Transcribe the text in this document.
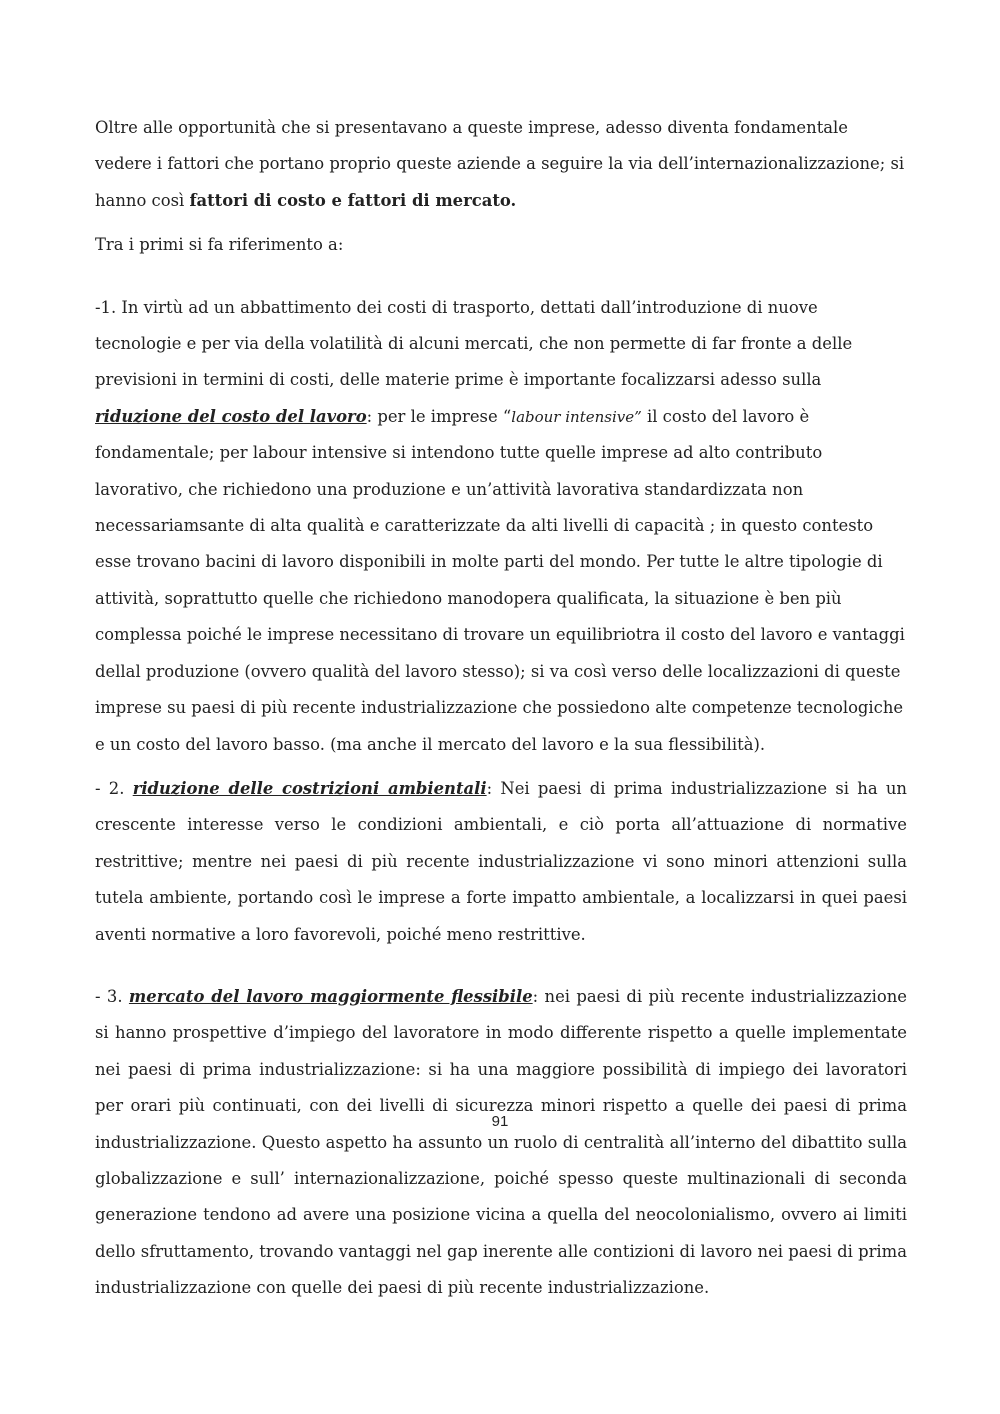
Oltre alle opportunità che si presentavano a queste imprese, adesso diventa fondamentale vedere i fattori che portano proprio queste aziende a seguire la via dell’internazionalizzazione; si hanno così fattori di costo e fattori di mercato.

Tra i primi si fa riferimento a:

-1. In virtù ad un abbattimento dei costi di trasporto, dettati dall’introduzione di nuove tecnologie e per via della volatilità di alcuni mercati, che non permette di far fronte a delle previsioni in termini di costi, delle materie prime è importante focalizzarsi adesso sulla riduzione del costo del lavoro: per le imprese “labour intensive” il costo del lavoro è fondamentale; per labour intensive si intendono tutte quelle imprese ad alto contributo lavorativo, che richiedono una produzione e un’attività lavorativa standardizzata non necessariamsante di alta qualità e caratterizzate da alti livelli di capacità ; in questo contesto esse trovano bacini di lavoro disponibili in molte parti del mondo. Per tutte le altre tipologie di attività, soprattutto quelle che richiedono manodopera qualificata, la situazione è ben più complessa poiché le imprese necessitano di trovare un equilibriotra il costo del lavoro e vantaggi dellal produzione (ovvero qualità del lavoro stesso); si va così verso delle localizzazioni di queste imprese su paesi di più recente industrializzazione che possiedono alte competenze tecnologiche e un costo del lavoro basso. (ma anche il mercato del lavoro e la sua flessibilità).

- 2. riduzione delle costrizioni ambientali: Nei paesi di prima industrializzazione si ha un crescente interesse verso le condizioni ambientali, e ciò porta all’attuazione di normative restrittive; mentre nei paesi di più recente industrializzazione vi sono minori attenzioni sulla tutela ambiente, portando così le imprese a forte impatto ambientale, a localizzarsi in quei paesi aventi normative a loro favorevoli, poiché meno restrittive.

- 3. mercato del lavoro maggiormente flessibile: nei paesi di più recente industrializzazione si hanno prospettive d’impiego del lavoratore in modo differente rispetto a quelle implementate nei paesi di prima industrializzazione: si ha una maggiore possibilità di impiego dei lavoratori per orari più continuati, con dei livelli di sicurezza minori rispetto a quelle dei paesi di prima industrializzazione. Questo aspetto ha assunto un ruolo di centralità all’interno del dibattito sulla globalizzazione e sull’ internazionalizzazione, poiché spesso queste multinazionali di seconda generazione tendono ad avere una posizione vicina a quella del neocolonialismo, ovvero ai limiti dello sfruttamento, trovando vantaggi nel gap inerente alle contizioni di lavoro nei paesi di prima industrializzazione con quelle dei paesi di più recente industrializzazione.

91
